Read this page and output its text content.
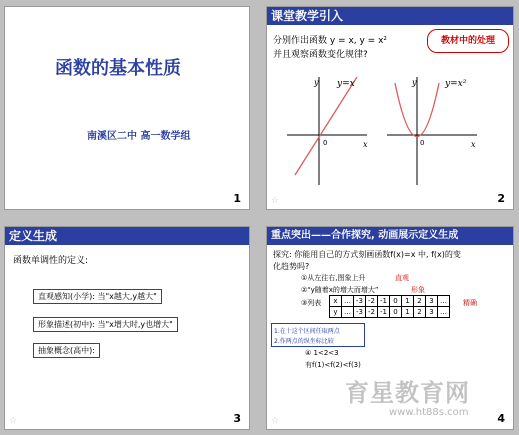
函数的基本性质
南溪区二中 高一数学组
1
课堂教学引入
分别作出函数 y = x, y = x²
并且观察函数变化规律?
教材中的处理
y
x
0
y=x	y
x
0
y=x²
☆	2
定义生成
函数单调性的定义:
直观感知(小学): 当"x越大,y越大"
形象描述(初中): 当"x增大时,y也增大"
抽象概念(高中):
☆	3
重点突出——合作探究, 动画展示定义生成
探究: 你能用自己的方式刻画函数f(x)=x 中, f(x)的变
化趋势吗?
①从左往右,图象上升	直观
②“y随着x的增大而增大”	形象
③列表 x	…	-3	-2	-1	0	1	2	3	…
y	…	-3	-2	-1	0	1	2	3	…
精确
1.在十这个区间任取两点
2.作两点的纵坐标比较
④ 1<2<3
有f(1)<f(2)<f(3)
育星教育网
www.ht88s.com
☆	4
